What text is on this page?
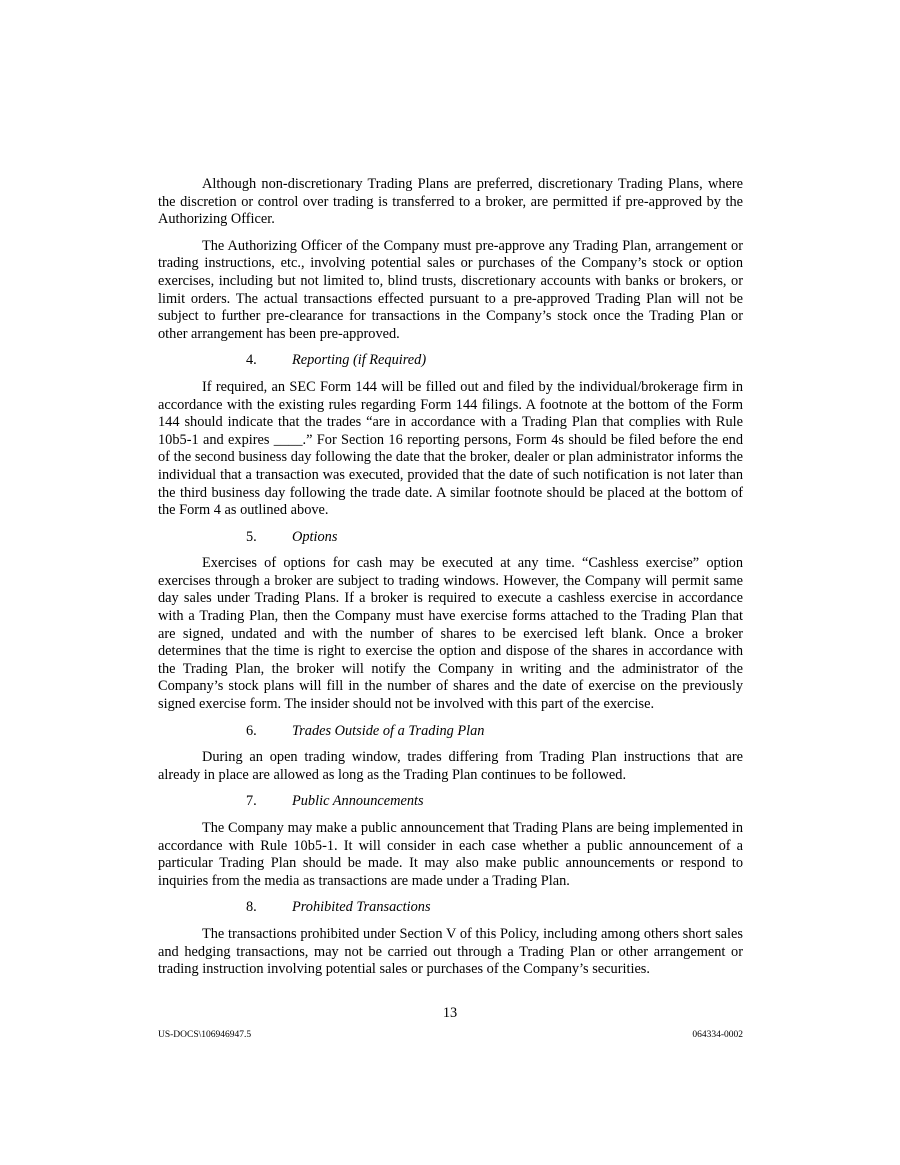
Although non-discretionary Trading Plans are preferred, discretionary Trading Plans, where the discretion or control over trading is transferred to a broker, are permitted if pre-approved by the Authorizing Officer.

The Authorizing Officer of the Company must pre-approve any Trading Plan, arrangement or trading instructions, etc., involving potential sales or purchases of the Company’s stock or option exercises, including but not limited to, blind trusts, discretionary accounts with banks or brokers, or limit orders. The actual transactions effected pursuant to a pre-approved Trading Plan will not be subject to further pre-clearance for transactions in the Company’s stock once the Trading Plan or other arrangement has been pre-approved.

4. Reporting (if Required)

If required, an SEC Form 144 will be filled out and filed by the individual/brokerage firm in accordance with the existing rules regarding Form 144 filings. A footnote at the bottom of the Form 144 should indicate that the trades “are in accordance with a Trading Plan that complies with Rule 10b5-1 and expires ____.” For Section 16 reporting persons, Form 4s should be filed before the end of the second business day following the date that the broker, dealer or plan administrator informs the individual that a transaction was executed, provided that the date of such notification is not later than the third business day following the trade date. A similar footnote should be placed at the bottom of the Form 4 as outlined above.

5. Options

Exercises of options for cash may be executed at any time. “Cashless exercise” option exercises through a broker are subject to trading windows. However, the Company will permit same day sales under Trading Plans. If a broker is required to execute a cashless exercise in accordance with a Trading Plan, then the Company must have exercise forms attached to the Trading Plan that are signed, undated and with the number of shares to be exercised left blank. Once a broker determines that the time is right to exercise the option and dispose of the shares in accordance with the Trading Plan, the broker will notify the Company in writing and the administrator of the Company’s stock plans will fill in the number of shares and the date of exercise on the previously signed exercise form. The insider should not be involved with this part of the exercise.

6. Trades Outside of a Trading Plan

During an open trading window, trades differing from Trading Plan instructions that are already in place are allowed as long as the Trading Plan continues to be followed.

7. Public Announcements

The Company may make a public announcement that Trading Plans are being implemented in accordance with Rule 10b5-1. It will consider in each case whether a public announcement of a particular Trading Plan should be made. It may also make public announcements or respond to inquiries from the media as transactions are made under a Trading Plan.

8. Prohibited Transactions

The transactions prohibited under Section V of this Policy, including among others short sales and hedging transactions, may not be carried out through a Trading Plan or other arrangement or trading instruction involving potential sales or purchases of the Company’s securities.

13
US-DOCS\106946947.5	064334-0002
